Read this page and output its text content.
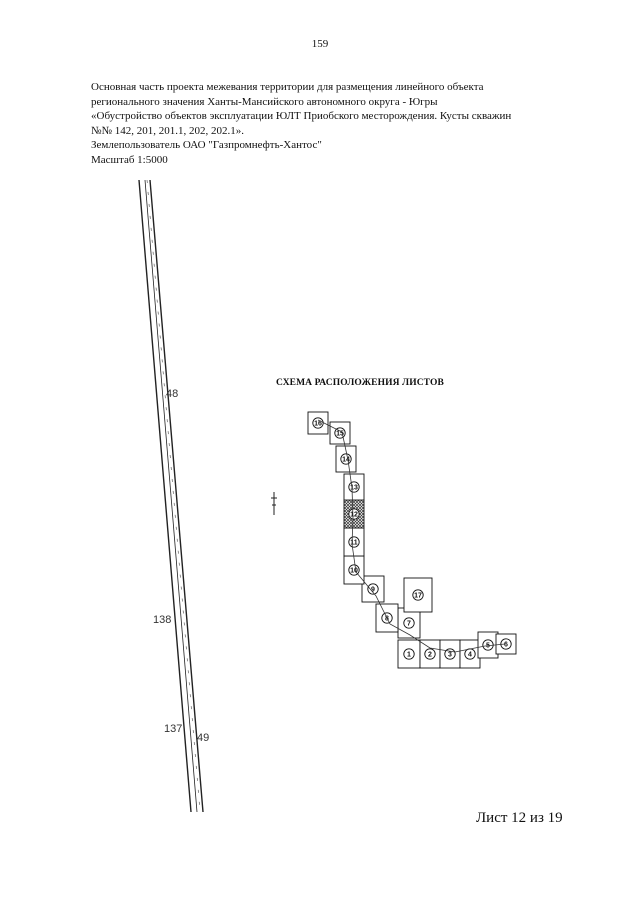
159
Основная часть проекта межевания территории для размещения линейного объекта
регионального значения Ханты-Мансийского автономного округа - Югры
«Обустройство объектов эксплуатации ЮЛТ Приобского месторождения. Кусты скважин
№№ 142, 201, 201.1, 202, 202.1».
Землепользователь ОАО "Газпромнефть-Хантос"
Масштаб 1:5000
48
138
137
49
СХЕМА РАСПОЛОЖЕНИЯ ЛИСТОВ
1 2 3 4
5 6
7
8
9
10
11
12
13
14
15
16
17
Лист 12 из 19
